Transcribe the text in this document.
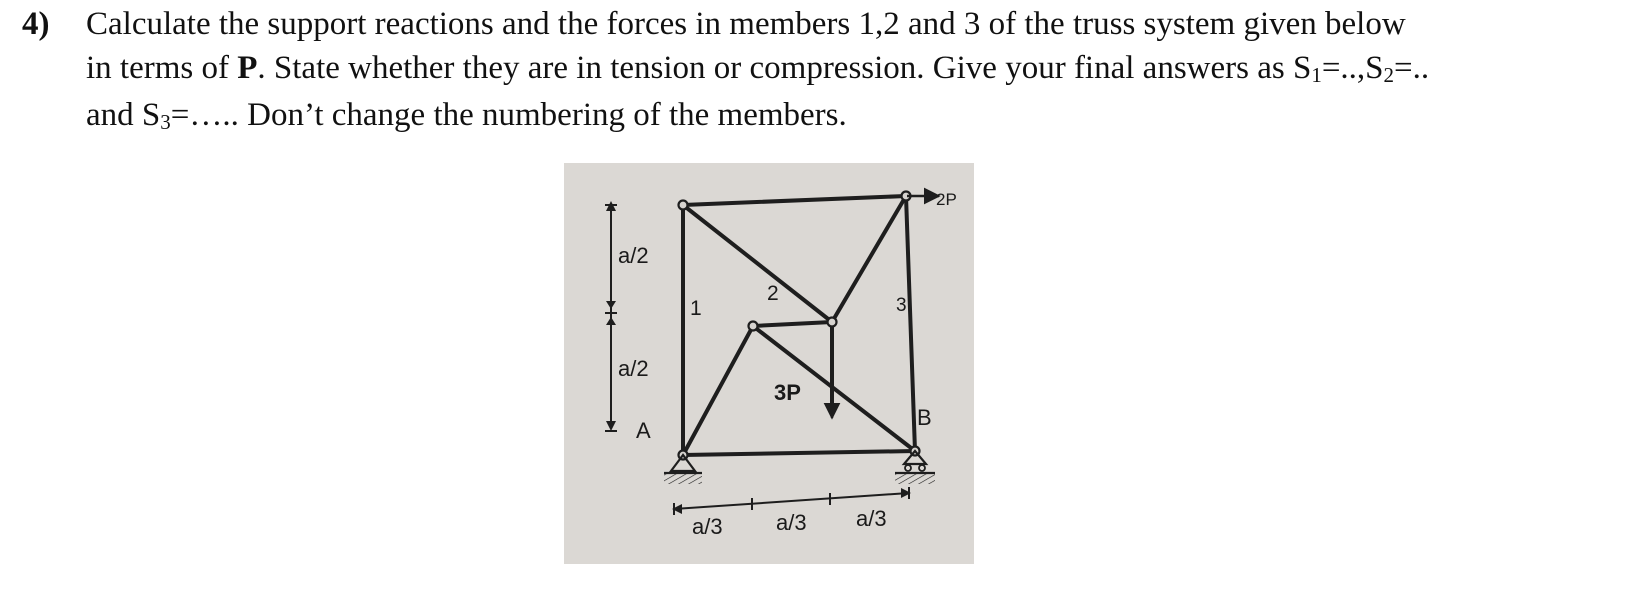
4) Calculate the support reactions and the forces in members 1,2 and 3 of the truss system given below
in terms of P. State whether they are in tension or compression. Give your final answers as $S_1=..,S_2=$..
and $S_3=\dots$.. Don’t change the numbering of the members.
2P
3P
a/2
a/2
A
B
1
2
3
a/3 a/3 a/3
